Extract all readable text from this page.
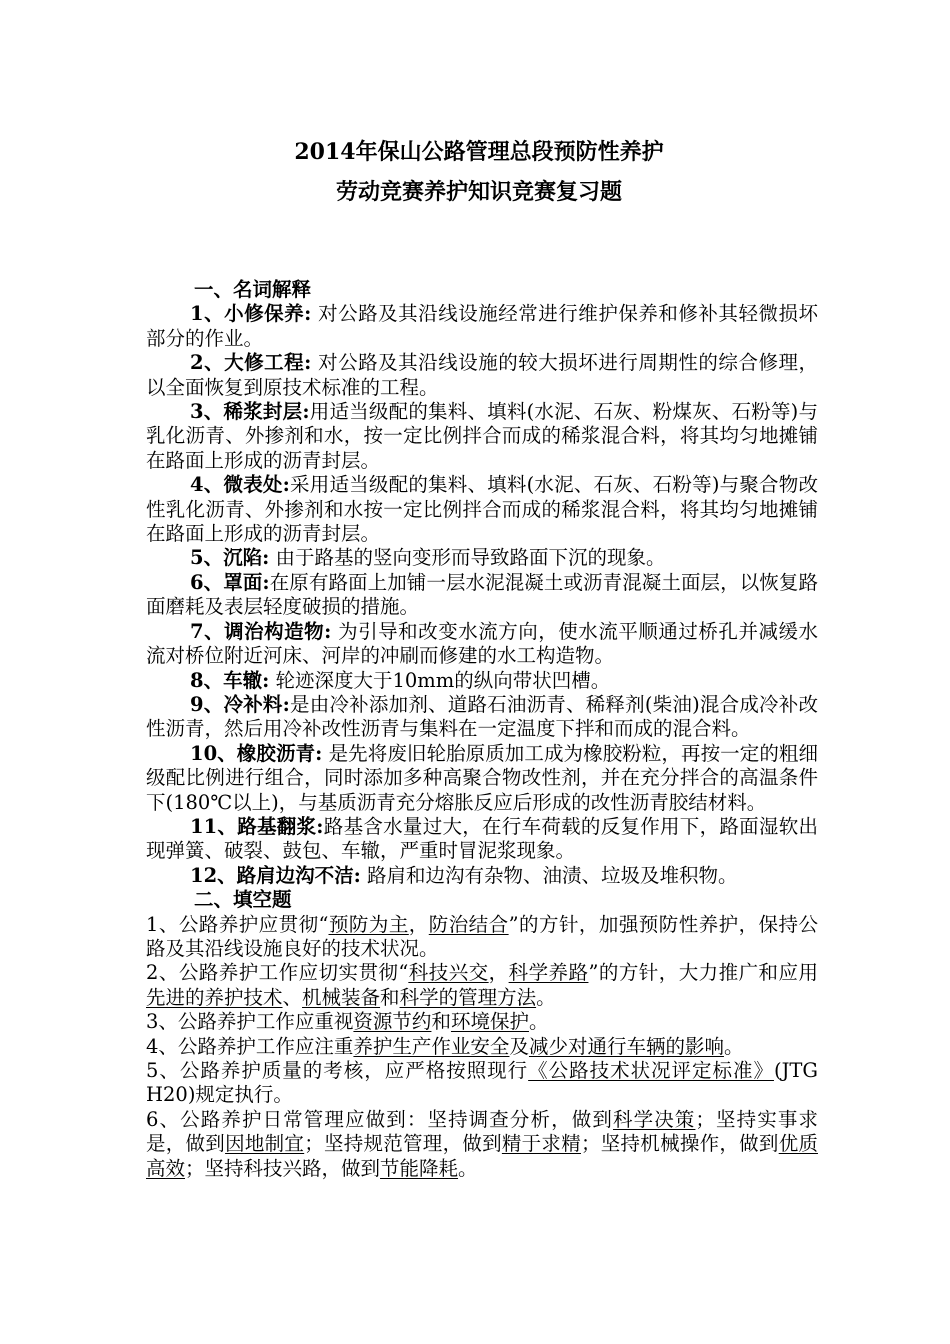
2014年保山公路管理总段预防性养护
劳动竞赛养护知识竞赛复习题

一、名词解释

1、小修保养: 对公路及其沿线设施经常进行维护保养和修补其轻微损坏部分的作业。

2、大修工程: 对公路及其沿线设施的较大损坏进行周期性的综合修理，以全面恢复到原技术标准的工程。

3、稀浆封层:用适当级配的集料、填料(水泥、石灰、粉煤灰、石粉等)与乳化沥青、外掺剂和水，按一定比例拌合而成的稀浆混合料，将其均匀地摊铺在路面上形成的沥青封层。

4、微表处:采用适当级配的集料、填料(水泥、石灰、石粉等)与聚合物改性乳化沥青、外掺剂和水按一定比例拌合而成的稀浆混合料，将其均匀地摊铺在路面上形成的沥青封层。

5、沉陷: 由于路基的竖向变形而导致路面下沉的现象。

6、罩面:在原有路面上加铺一层水泥混凝土或沥青混凝土面层，以恢复路面磨耗及表层轻度破损的措施。

7、调治构造物: 为引导和改变水流方向，使水流平顺通过桥孔并减缓水流对桥位附近河床、河岸的冲刷而修建的水工构造物。

8、车辙: 轮迹深度大于10mm的纵向带状凹槽。

9、冷补料:是由冷补添加剂、道路石油沥青、稀释剂(柴油)混合成冷补改性沥青，然后用冷补改性沥青与集料在一定温度下拌和而成的混合料。

10、橡胶沥青: 是先将废旧轮胎原质加工成为橡胶粉粒，再按一定的粗细级配比例进行组合，同时添加多种高聚合物改性剂，并在充分拌合的高温条件下(180℃以上)，与基质沥青充分熔胀反应后形成的改性沥青胶结材料。

11、路基翻浆:路基含水量过大，在行车荷载的反复作用下，路面湿软出现弹簧、破裂、鼓包、车辙，严重时冒泥浆现象。

12、路肩边沟不洁: 路肩和边沟有杂物、油渍、垃圾及堆积物。

二、填空题

1、公路养护应贯彻“预防为主，防治结合”的方针，加强预防性养护，保持公路及其沿线设施良好的技术状况。

2、公路养护工作应切实贯彻“科技兴交，科学养路”的方针，大力推广和应用先进的养护技术、机械装备和科学的管理方法。

3、公路养护工作应重视资源节约和环境保护。

4、公路养护工作应注重养护生产作业安全及减少对通行车辆的影响。

5、公路养护质量的考核，应严格按照现行《公路技术状况评定标准》(JTG H20)规定执行。

6、公路养护日常管理应做到：坚持调查分析，做到科学决策；坚持实事求是，做到因地制宜；坚持规范管理，做到精于求精；坚持机械操作，做到优质高效；坚持科技兴路，做到节能降耗。
